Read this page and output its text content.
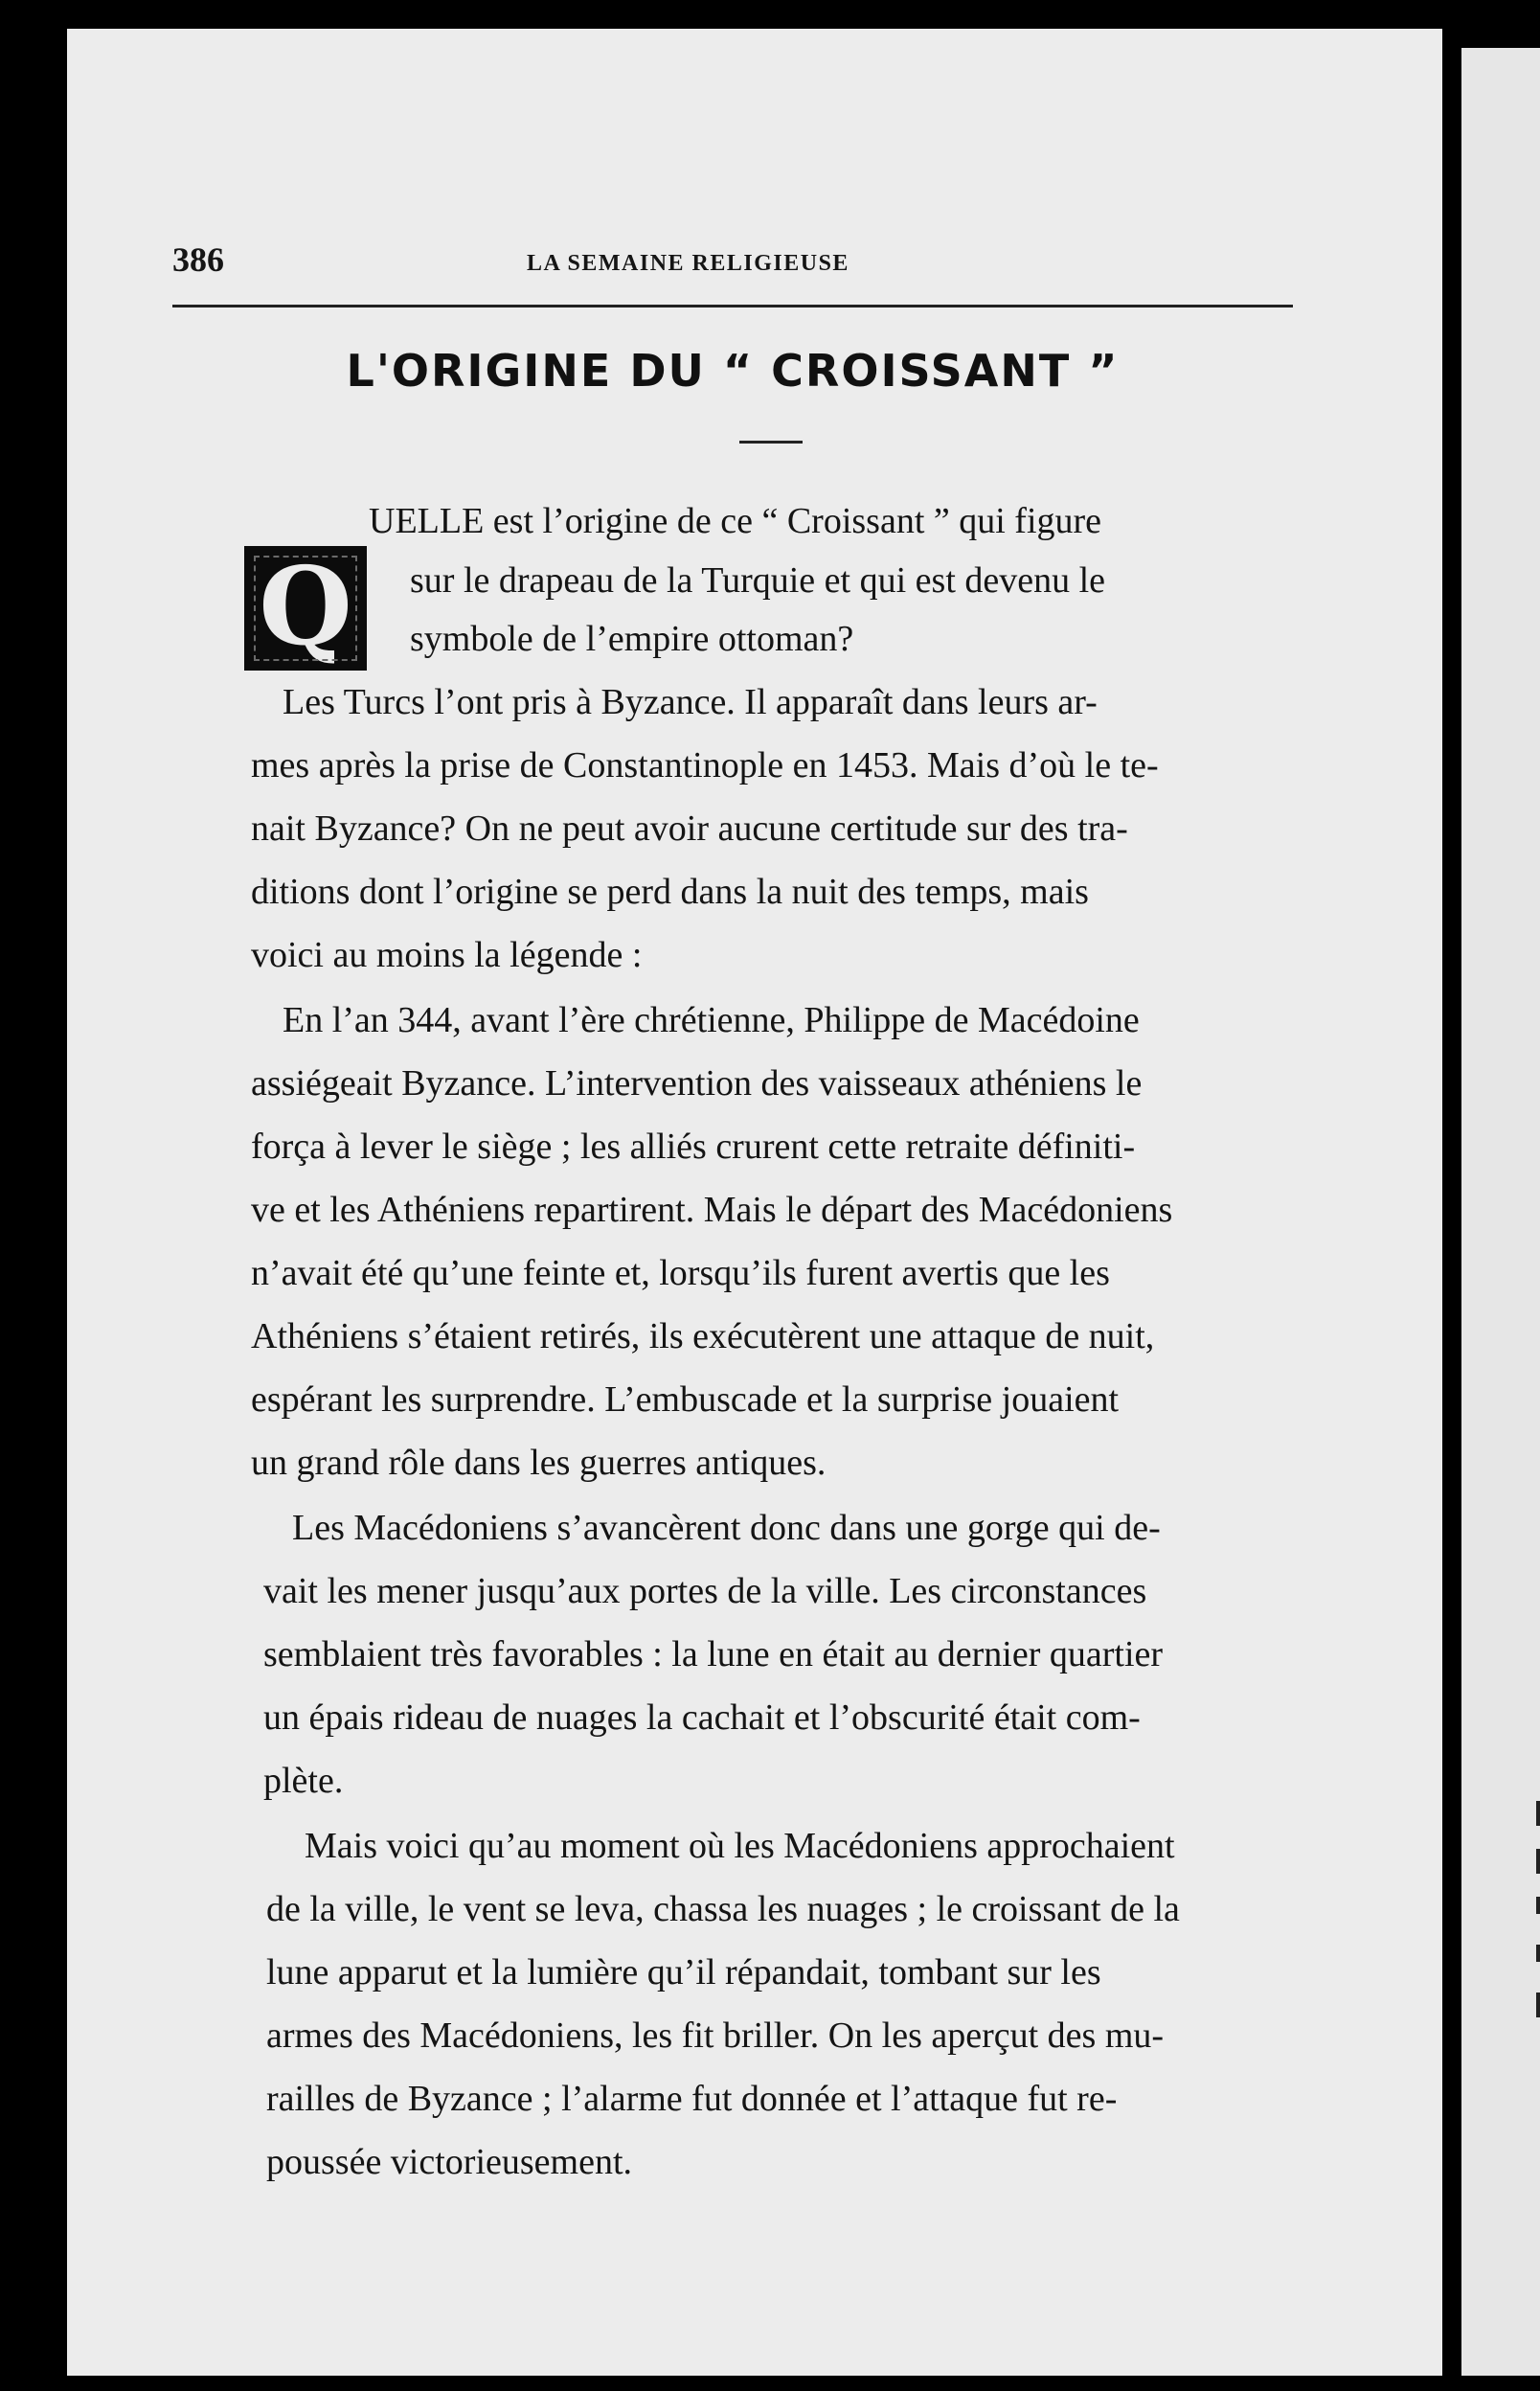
386	LA SEMAINE RELIGIEUSE
L'ORIGINE DU “ CROISSANT ”
Q
UELLE est l’origine de ce “ Croissant ” qui figure
sur le drapeau de la Turquie et qui est devenu le
symbole de l’empire ottoman?
Les Turcs l’ont pris à Byzance. Il apparaît dans leurs ar-
mes après la prise de Constantinople en 1453. Mais d’où le te-
nait Byzance? On ne peut avoir aucune certitude sur des tra-
ditions dont l’origine se perd dans la nuit des temps, mais
voici au moins la légende :
En l’an 344, avant l’ère chrétienne, Philippe de Macédoine
assiégeait Byzance. L’intervention des vaisseaux athéniens le
força à lever le siège ; les alliés crurent cette retraite définiti-
ve et les Athéniens repartirent. Mais le départ des Macédoniens
n’avait été qu’une feinte et, lorsqu’ils furent avertis que les
Athéniens s’étaient retirés, ils exécutèrent une attaque de nuit,
espérant les surprendre. L’embuscade et la surprise jouaient
un grand rôle dans les guerres antiques.
Les Macédoniens s’avancèrent donc dans une gorge qui de-
vait les mener jusqu’aux portes de la ville. Les circonstances
semblaient très favorables : la lune en était au dernier quartier
un épais rideau de nuages la cachait et l’obscurité était com-
plète.
Mais voici qu’au moment où les Macédoniens approchaient
de la ville, le vent se leva, chassa les nuages ; le croissant de la
lune apparut et la lumière qu’il répandait, tombant sur les
armes des Macédoniens, les fit briller. On les aperçut des mu-
railles de Byzance ; l’alarme fut donnée et l’attaque fut re-
poussée victorieusement.
